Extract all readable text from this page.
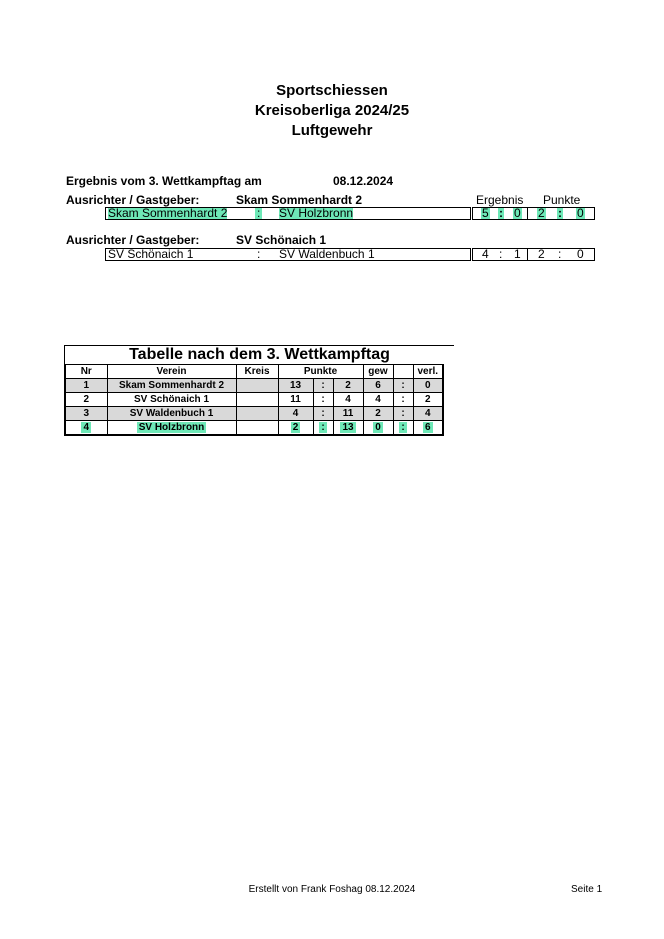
Sportschiessen
Kreisoberliga 2024/25
Luftgewehr
Ergebnis vom 3. Wettkampftag am	08.12.2024
Ausrichter / Gastgeber:	Skam Sommenhardt 2	Ergebnis Punkte
Skam Sommenhardt 2 : SV Holzbronn	5 : 0 2 : 0
Ausrichter / Gastgeber:	SV Schönaich 1
SV Schönaich 1	: SV Waldenbuch 1	4 : 1 2 : 0
Tabelle nach dem 3. Wettkampftag
Nr	Verein	Kreis	Punkte			gew		verl.
1	Skam Sommenhardt 2		13	:	2	6	:	0
2	SV Schönaich 1		11	:	4	4	:	2
3	SV Waldenbuch 1		4	:	11	2	:	4
4	SV Holzbronn		2	:	13	0	:	6
Erstellt von Frank Foshag 08.12.2024	Seite 1
